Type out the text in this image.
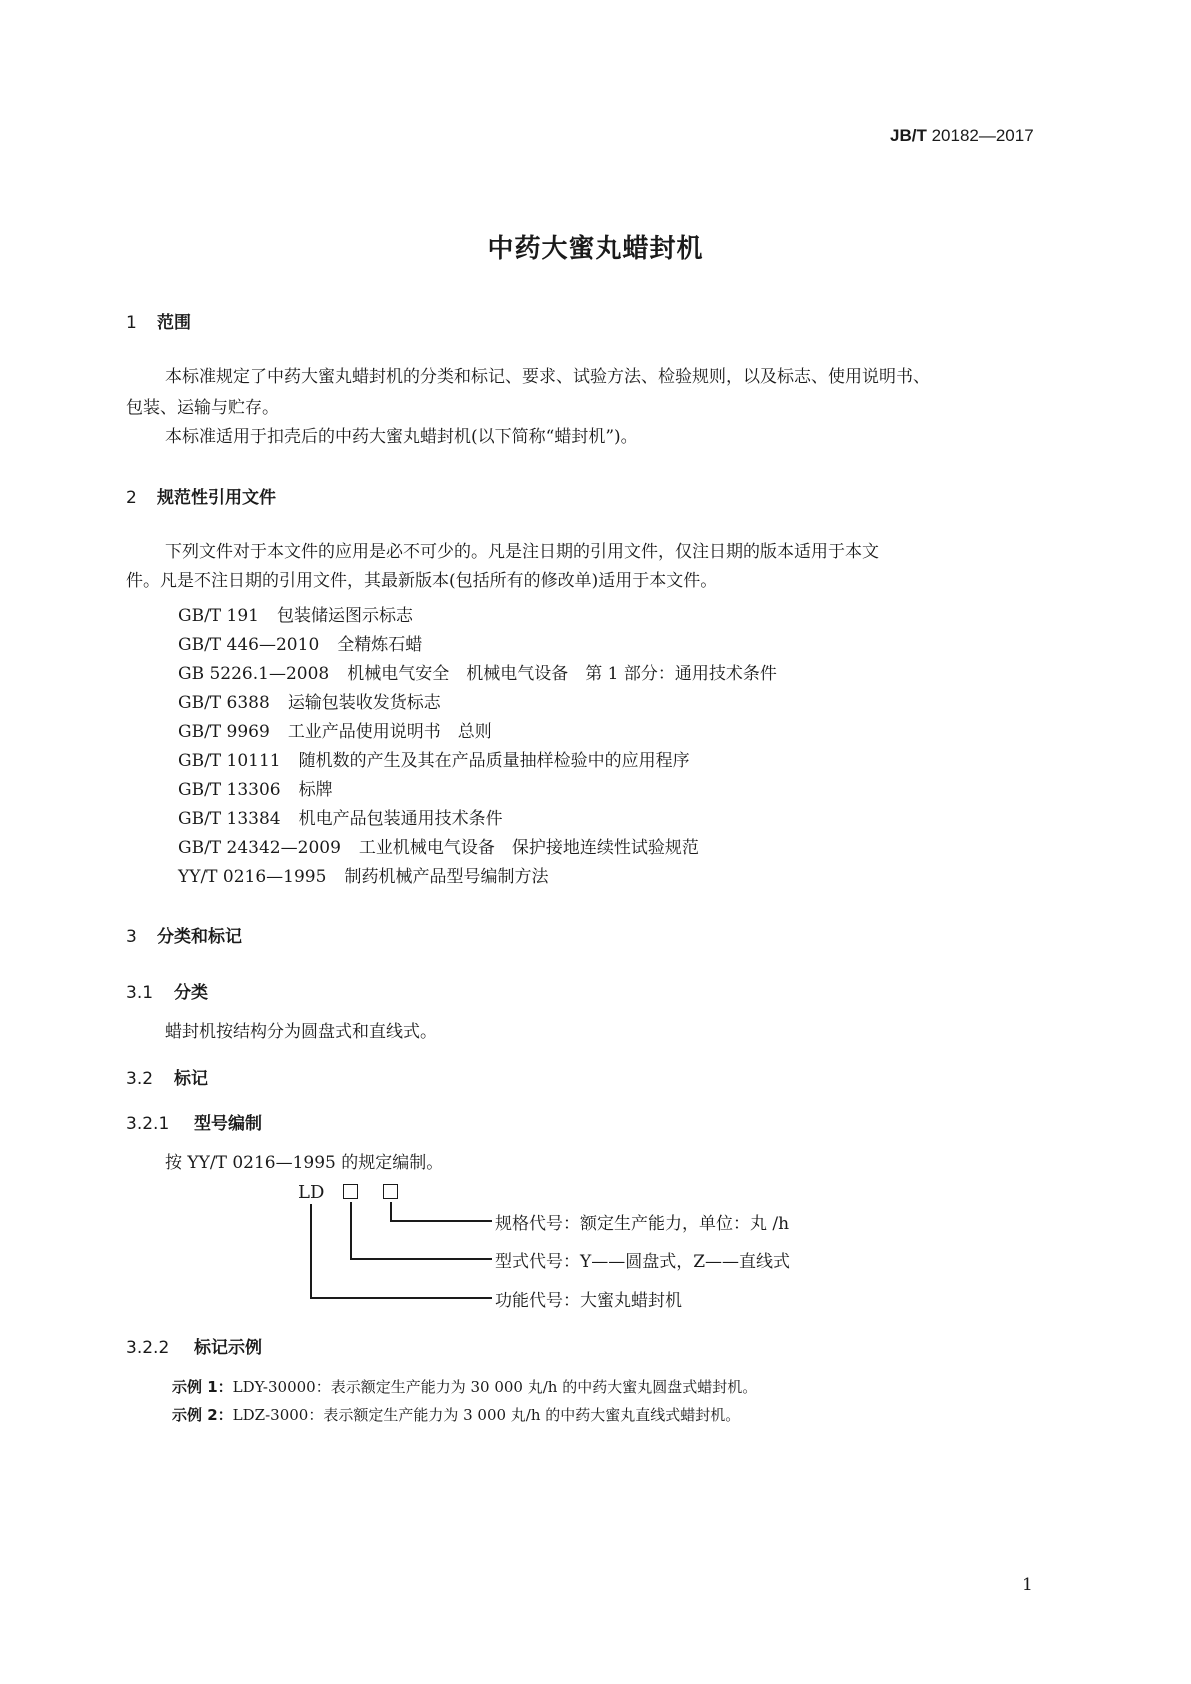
JB/T 20182—2017
中药大蜜丸蜡封机
1 范围
本标准规定了中药大蜜丸蜡封机的分类和标记、要求、试验方法、检验规则，以及标志、使用说明书、
包装、运输与贮存。
本标准适用于扣壳后的中药大蜜丸蜡封机(以下简称“蜡封机”)。
2 规范性引用文件
下列文件对于本文件的应用是必不可少的。凡是注日期的引用文件，仅注日期的版本适用于本文
件。凡是不注日期的引用文件，其最新版本(包括所有的修改单)适用于本文件。
GB/T 191 包装储运图示标志
GB/T 446—2010 全精炼石蜡
GB 5226.1—2008 机械电气安全　机械电气设备　第 1 部分：通用技术条件
GB/T 6388 运输包装收发货标志
GB/T 9969 工业产品使用说明书　总则
GB/T 10111 随机数的产生及其在产品质量抽样检验中的应用程序
GB/T 13306 标牌
GB/T 13384 机电产品包装通用技术条件
GB/T 24342—2009 工业机械电气设备　保护接地连续性试验规范
YY/T 0216—1995 制药机械产品型号编制方法
3 分类和标记
3.1 分类
蜡封机按结构分为圆盘式和直线式。
3.2 标记
3.2.1 型号编制
按 YY/T 0216—1995 的规定编制。
LD
规格代号：额定生产能力，单位：丸 /h
型式代号：Y——圆盘式，Z——直线式
功能代号：大蜜丸蜡封机
3.2.2 标记示例
示例 1：LDY-30000：表示额定生产能力为 30 000 丸/h 的中药大蜜丸圆盘式蜡封机。
示例 2：LDZ-3000：表示额定生产能力为 3 000 丸/h 的中药大蜜丸直线式蜡封机。
1
